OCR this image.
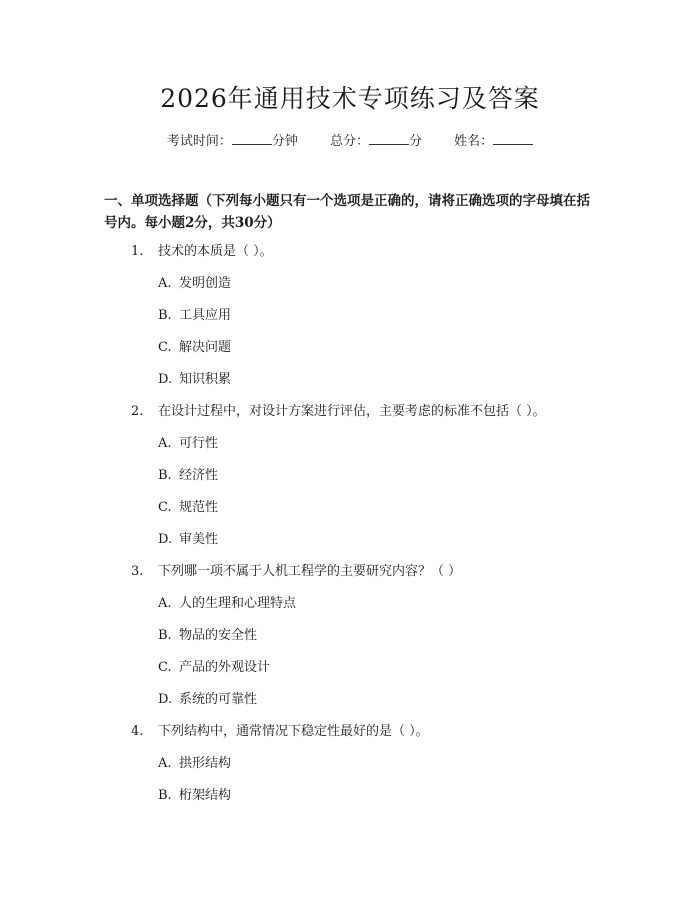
2026年通用技术专项练习及答案
考试时间：	分钟 总分：	分 姓名：
一、单项选择题（下列每小题只有一个选项是正确的，请将正确选项的字母填在括号内。每小题2分，共30分）
1. 技术的本质是（ ）。
A. 发明创造
B. 工具应用
C. 解决问题
D. 知识积累
2. 在设计过程中，对设计方案进行评估，主要考虑的标准不包括（ ）。
A. 可行性
B. 经济性
C. 规范性
D. 审美性
3. 下列哪一项不属于人机工程学的主要研究内容？（ ）
A. 人的生理和心理特点
B. 物品的安全性
C. 产品的外观设计
D. 系统的可靠性
4. 下列结构中，通常情况下稳定性最好的是（ ）。
A. 拱形结构
B. 桁架结构
